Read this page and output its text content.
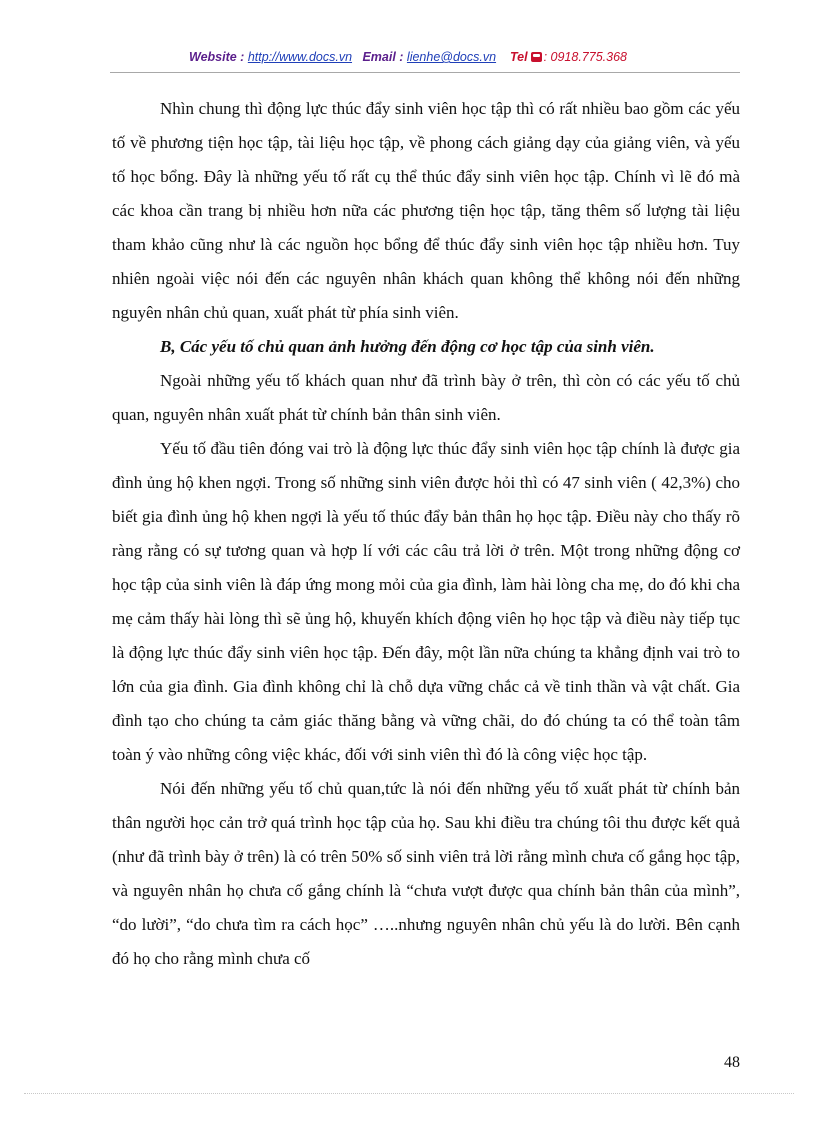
Website : http://www.docs.vn Email : lienhe@docs.vn Tel : 0918.775.368

Nhìn chung thì động lực thúc đẩy sinh viên học tập thì có rất nhiều bao gồm các yếu tố về phương tiện học tập, tài liệu học tập, về phong cách giảng dạy của giảng viên, và yếu tố học bổng. Đây là những yếu tố rất cụ thể thúc đẩy sinh viên học tập. Chính vì lẽ đó mà các khoa cần trang bị nhiều hơn nữa các phương tiện học tập, tăng thêm số lượng tài liệu tham khảo cũng như là các nguồn học bổng để thúc đẩy sinh viên học tập nhiều hơn. Tuy nhiên ngoài việc nói đến các nguyên nhân khách quan không thể không nói đến những nguyên nhân chủ quan, xuất phát từ phía sinh viên.

B, Các yếu tố chủ quan ảnh hưởng đến động cơ học tập của sinh viên.

Ngoài những yếu tố khách quan như đã trình bày ở trên, thì còn có các yếu tố chủ quan, nguyên nhân xuất phát từ chính bản thân sinh viên.

Yếu tố đầu tiên đóng vai trò là động lực thúc đẩy sinh viên học tập chính là được gia đình ủng hộ khen ngợi. Trong số những sinh viên được hỏi thì có 47 sinh viên ( 42,3%) cho biết gia đình ủng hộ khen ngợi là yếu tố thúc đẩy bản thân họ học tập. Điều này cho thấy rõ ràng rằng có sự tương quan và hợp lí với các câu trả lời ở trên. Một trong những động cơ học tập của sinh viên là đáp ứng mong mỏi của gia đình, làm hài lòng cha mẹ, do đó khi cha mẹ cảm thấy hài lòng thì sẽ ủng hộ, khuyến khích động viên họ học tập và điều này tiếp tục là động lực thúc đẩy sinh viên học tập. Đến đây, một lần nữa chúng ta khẳng định vai trò to lớn của gia đình. Gia đình không chỉ là chỗ dựa vững chắc cả về tinh thần và vật chất. Gia đình tạo cho chúng ta cảm giác thăng bằng và vững chãi, do đó chúng ta có thể toàn tâm toàn ý vào những công việc khác, đối với sinh viên thì đó là công việc học tập.

Nói đến những yếu tố chủ quan,tức là nói đến những yếu tố xuất phát từ chính bản thân người học cản trở quá trình học tập của họ. Sau khi điều tra chúng tôi thu được kết quả (như đã trình bày ở trên) là có trên 50% số sinh viên trả lời rằng mình chưa cố gắng học tập, và nguyên nhân họ chưa cố gắng chính là “chưa vượt được qua chính bản thân của mình”, “do lười”, “do chưa tìm ra cách học” …..nhưng nguyên nhân chủ yếu là do lười. Bên cạnh đó họ cho rằng mình chưa cố

48
